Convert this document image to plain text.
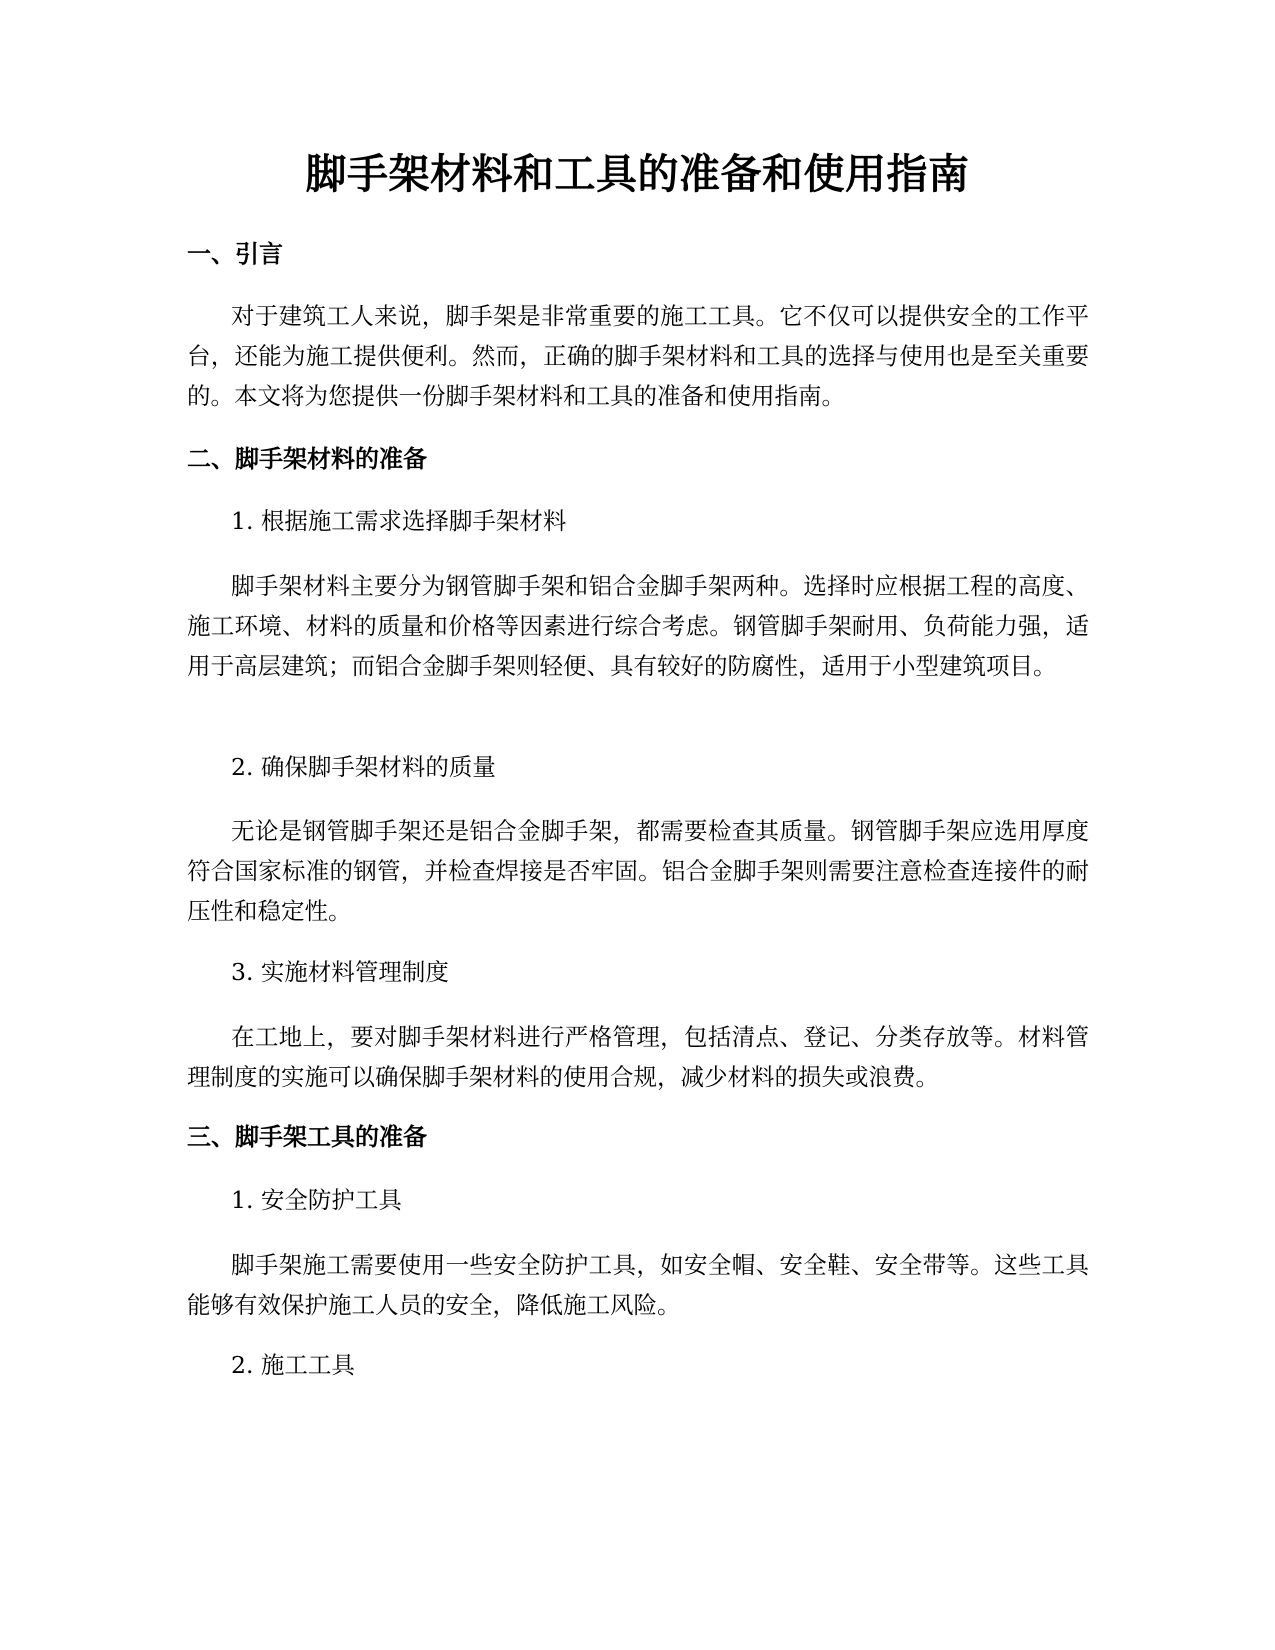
脚手架材料和工具的准备和使用指南
一、引言

对于建筑工人来说，脚手架是非常重要的施工工具。它不仅可以提供安全的工作平台，还能为施工提供便利。然而，正确的脚手架材料和工具的选择与使用也是至关重要的。本文将为您提供一份脚手架材料和工具的准备和使用指南。

二、脚手架材料的准备
1. 根据施工需求选择脚手架材料

脚手架材料主要分为钢管脚手架和铝合金脚手架两种。选择时应根据工程的高度、施工环境、材料的质量和价格等因素进行综合考虑。钢管脚手架耐用、负荷能力强，适用于高层建筑；而铝合金脚手架则轻便、具有较好的防腐性，适用于小型建筑项目。

2. 确保脚手架材料的质量

无论是钢管脚手架还是铝合金脚手架，都需要检查其质量。钢管脚手架应选用厚度符合国家标准的钢管，并检查焊接是否牢固。铝合金脚手架则需要注意检查连接件的耐压性和稳定性。

3. 实施材料管理制度

在工地上，要对脚手架材料进行严格管理，包括清点、登记、分类存放等。材料管理制度的实施可以确保脚手架材料的使用合规，减少材料的损失或浪费。

三、脚手架工具的准备
1. 安全防护工具

脚手架施工需要使用一些安全防护工具，如安全帽、安全鞋、安全带等。这些工具能够有效保护施工人员的安全，降低施工风险。

2. 施工工具
